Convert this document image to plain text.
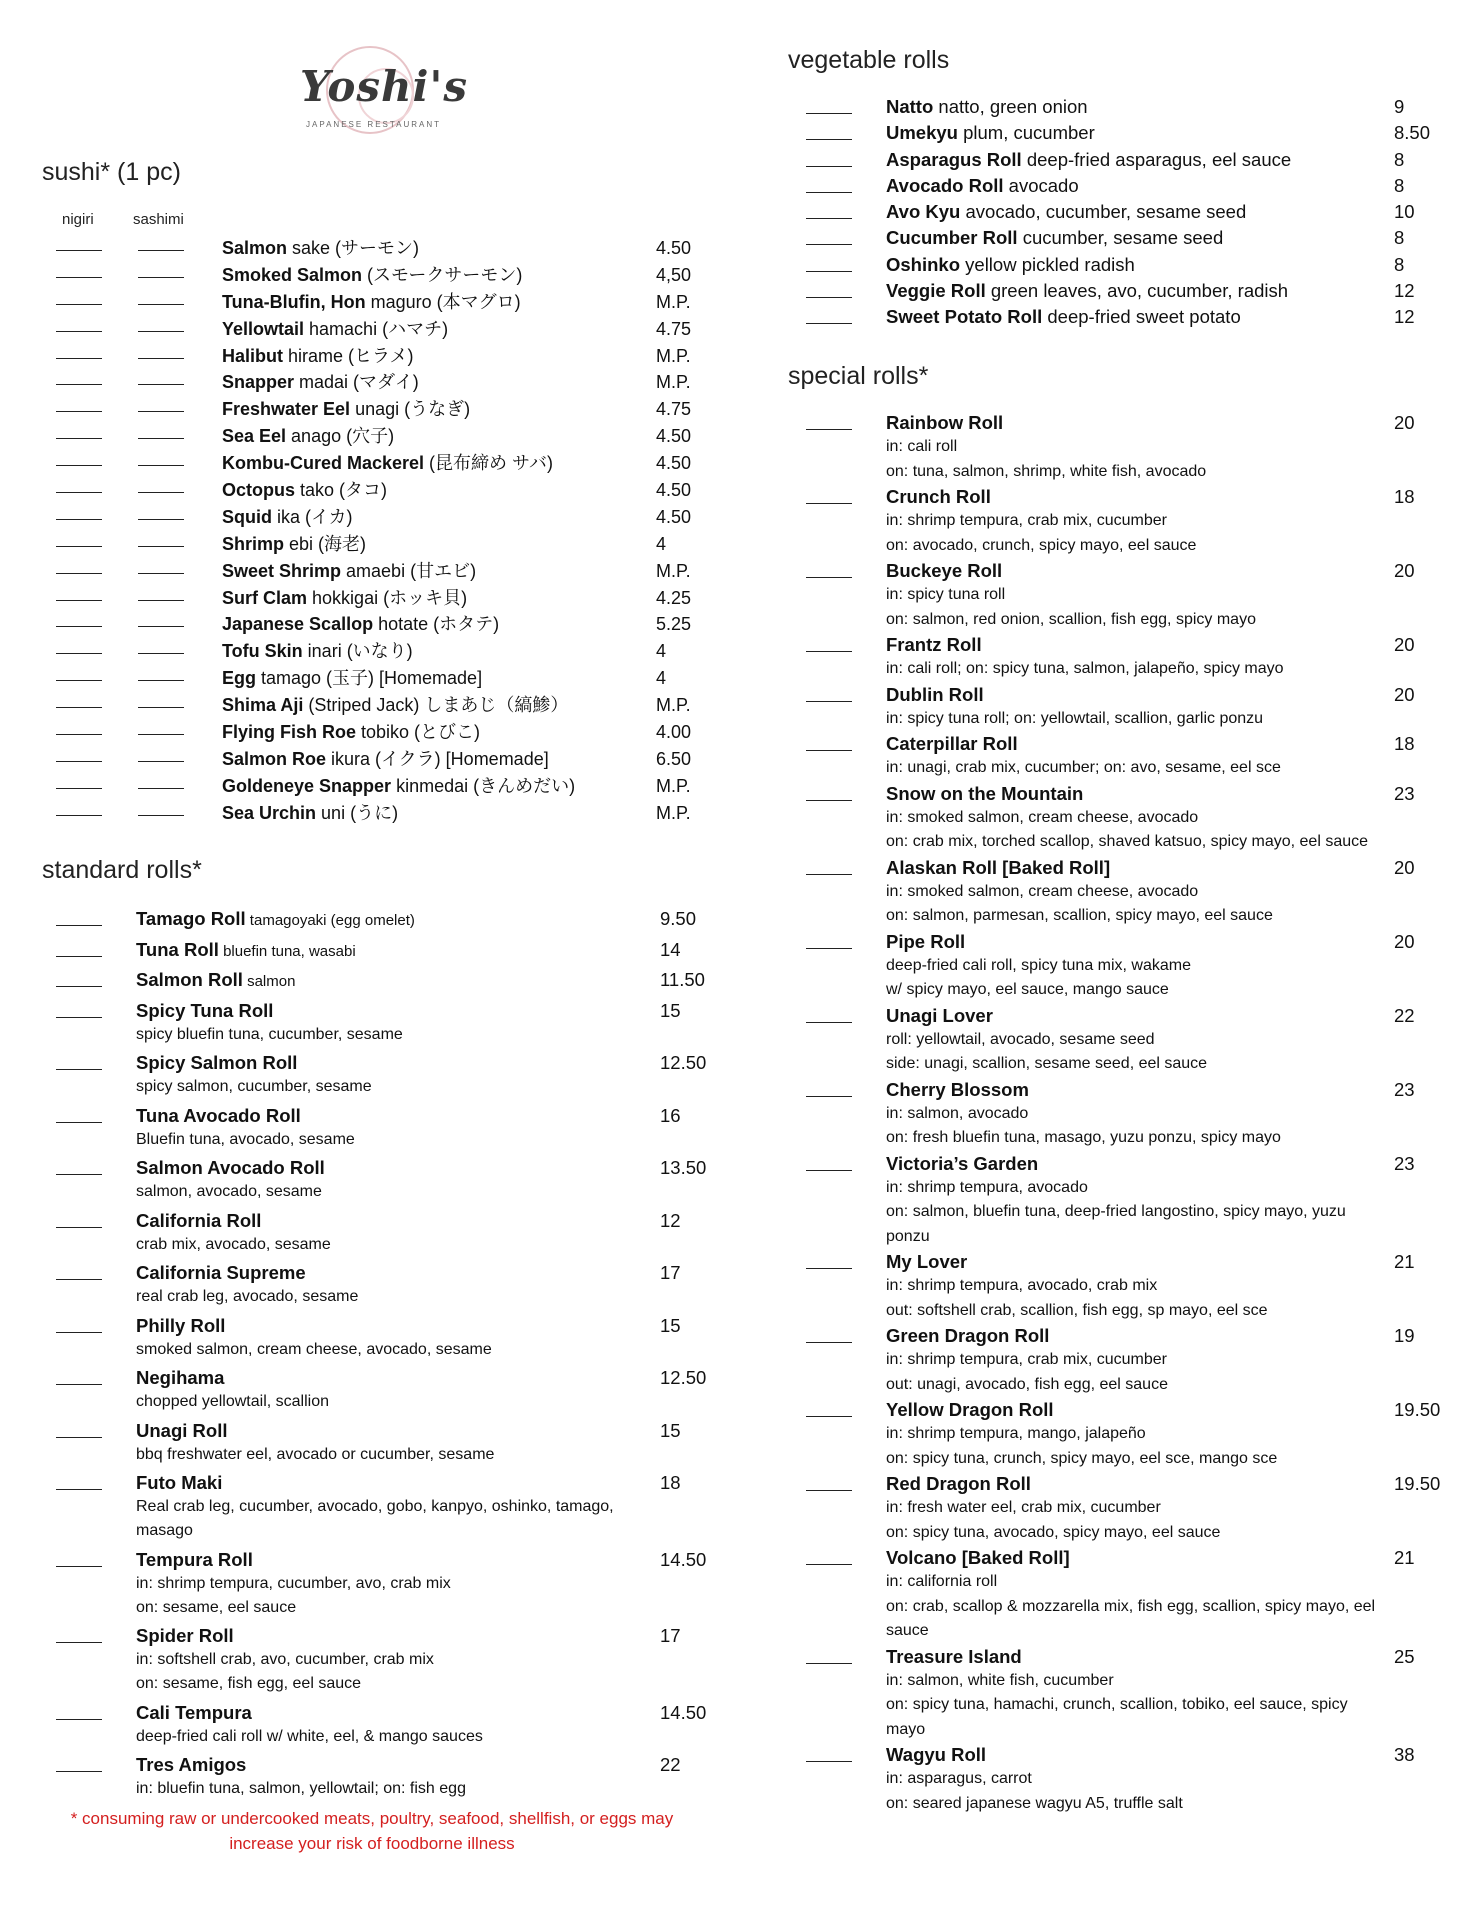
Yoshi's
JAPANESE RESTAURANT
sushi* (1 pc)
nigiri	sashimi
Salmon sake (サーモン)	4.50
Smoked Salmon (スモークサーモン)	4,50
Tuna-Blufin, Hon maguro (本マグロ)	M.P.
Yellowtail hamachi (ハマチ)	4.75
Halibut hirame (ヒラメ)	M.P.
Snapper madai (マダイ)	M.P.
Freshwater Eel unagi (うなぎ)	4.75
Sea Eel anago (穴子)	4.50
Kombu-Cured Mackerel (昆布締め サバ)	4.50
Octopus tako (タコ)	4.50
Squid ika (イカ)	4.50
Shrimp ebi (海老)	4
Sweet Shrimp amaebi (甘エビ)	M.P.
Surf Clam hokkigai (ホッキ貝)	4.25
Japanese Scallop hotate (ホタテ)	5.25
Tofu Skin inari (いなり)	4
Egg tamago (玉子) [Homemade]	4
Shima Aji (Striped Jack) しまあじ（縞鯵）	M.P.
Flying Fish Roe tobiko (とびこ)	4.00
Salmon Roe ikura (イクラ) [Homemade]	6.50
Goldeneye Snapper kinmedai (きんめだい)	M.P.
Sea Urchin uni (うに)	M.P.
standard rolls*
Tamago Roll tamagoyaki (egg omelet)	9.50
Tuna Roll bluefin tuna, wasabi	14
Salmon Roll salmon	11.50
Spicy Tuna Roll	15
spicy bluefin tuna, cucumber, sesame
Spicy Salmon Roll	12.50
spicy salmon, cucumber, sesame
Tuna Avocado Roll	16
Bluefin tuna, avocado, sesame
Salmon Avocado Roll	13.50
salmon, avocado, sesame
California Roll	12
crab mix, avocado, sesame
California Supreme	17
real crab leg, avocado, sesame
Philly Roll	15
smoked salmon, cream cheese, avocado, sesame
Negihama	12.50
chopped yellowtail, scallion
Unagi Roll	15
bbq freshwater eel, avocado or cucumber, sesame
Futo Maki	18
Real crab leg, cucumber, avocado, gobo, kanpyo, oshinko, tamago, masago
Tempura Roll	14.50
in: shrimp tempura, cucumber, avo, crab mix
on: sesame, eel sauce
Spider Roll	17
in: softshell crab, avo, cucumber, crab mix
on: sesame, fish egg, eel sauce
Cali Tempura	14.50
deep-fried cali roll w/ white, eel, & mango sauces
Tres Amigos	22
in: bluefin tuna, salmon, yellowtail; on: fish egg
vegetable rolls
Natto natto, green onion	9
Umekyu plum, cucumber	8.50
Asparagus Roll deep-fried asparagus, eel sauce	8
Avocado Roll avocado	8
Avo Kyu avocado, cucumber, sesame seed	10
Cucumber Roll cucumber, sesame seed	8
Oshinko yellow pickled radish	8
Veggie Roll green leaves, avo, cucumber, radish	12
Sweet Potato Roll deep-fried sweet potato	12
special rolls*
Rainbow Roll	20
in: cali roll
on: tuna, salmon, shrimp, white fish, avocado
Crunch Roll	18
in: shrimp tempura, crab mix, cucumber
on: avocado, crunch, spicy mayo, eel sauce
Buckeye Roll	20
in: spicy tuna roll
on: salmon, red onion, scallion, fish egg, spicy mayo
Frantz Roll	20
in: cali roll; on: spicy tuna, salmon, jalapeño, spicy mayo
Dublin Roll	20
in: spicy tuna roll; on: yellowtail, scallion, garlic ponzu
Caterpillar Roll	18
in: unagi, crab mix, cucumber; on: avo, sesame, eel sce
Snow on the Mountain	23
in: smoked salmon, cream cheese, avocado
on: crab mix, torched scallop, shaved katsuo, spicy mayo, eel sauce
Alaskan Roll [Baked Roll]	20
in: smoked salmon, cream cheese, avocado
on: salmon, parmesan, scallion, spicy mayo, eel sauce
Pipe Roll	20
deep-fried cali roll, spicy tuna mix, wakame
w/ spicy mayo, eel sauce, mango sauce
Unagi Lover	22
roll: yellowtail, avocado, sesame seed
side: unagi, scallion, sesame seed, eel sauce
Cherry Blossom	23
in: salmon, avocado
on: fresh bluefin tuna, masago, yuzu ponzu, spicy mayo
Victoria’s Garden	23
in: shrimp tempura, avocado
on: salmon, bluefin tuna, deep-fried langostino, spicy mayo, yuzu ponzu
My Lover	21
in: shrimp tempura, avocado, crab mix
out: softshell crab, scallion, fish egg, sp mayo, eel sce
Green Dragon Roll	19
in: shrimp tempura, crab mix, cucumber
out: unagi, avocado, fish egg, eel sauce
Yellow Dragon Roll	19.50
in: shrimp tempura, mango, jalapeño
on: spicy tuna, crunch, spicy mayo, eel sce, mango sce
Red Dragon Roll	19.50
in: fresh water eel, crab mix, cucumber
on: spicy tuna, avocado, spicy mayo, eel sauce
Volcano [Baked Roll]	21
in: california roll
on: crab, scallop & mozzarella mix, fish egg, scallion, spicy mayo, eel sauce
Treasure Island	25
in: salmon, white fish, cucumber
on: spicy tuna, hamachi, crunch, scallion, tobiko, eel sauce, spicy mayo
Wagyu Roll	38
in: asparagus, carrot
on: seared japanese wagyu A5, truffle salt
* consuming raw or undercooked meats, poultry, seafood, shellfish, or eggs may increase your risk of foodborne illness
